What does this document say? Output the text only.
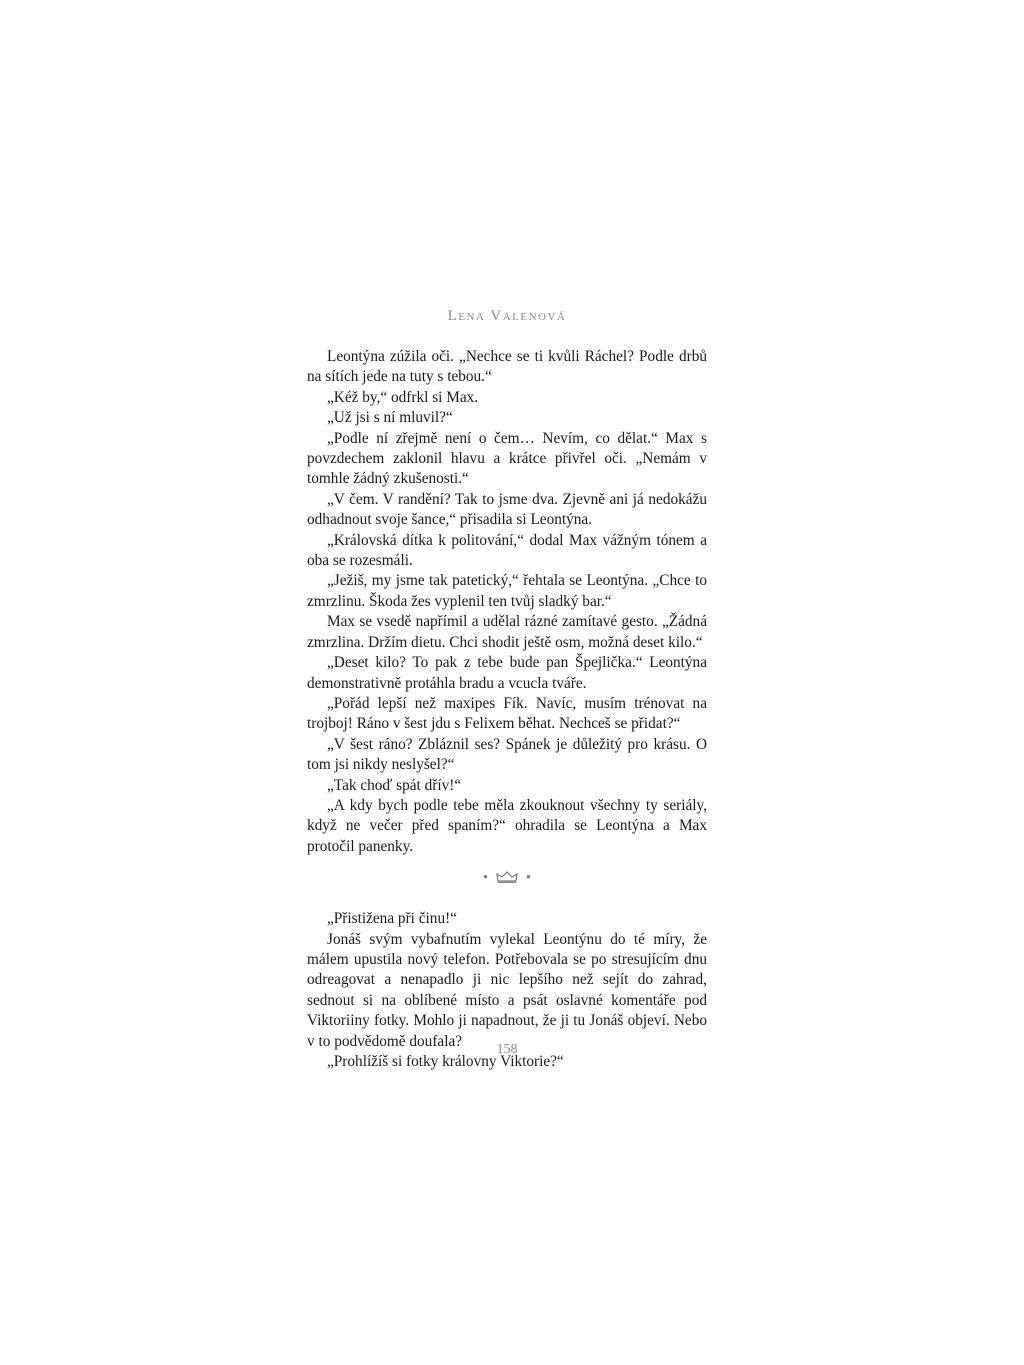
Lena Valenová

Leontýna zúžila oči. „Nechce se ti kvůli Ráchel? Podle drbů na sítích jede na tuty s tebou.“

„Kéž by,“ odfrkl si Max.

„Už jsi s ní mluvil?“

„Podle ní zřejmě není o čem… Nevím, co dělat.“ Max s povzdechem zaklonil hlavu a krátce přivřel oči. „Nemám v tomhle žádný zkušenosti.“

„V čem. V randění? Tak to jsme dva. Zjevně ani já nedokážu odhadnout svoje šance,“ přisadila si Leontýna.

„Královská dítka k politování,“ dodal Max vážným tónem a oba se rozesmáli.

„Ježiš, my jsme tak patetický,“ řehtala se Leontýna. „Chce to zmrzlinu. Škoda žes vyplenil ten tvůj sladký bar.“

Max se vsedě napřímil a udělal rázné zamítavé gesto. „Žádná zmrzlina. Držím dietu. Chci shodit ještě osm, možná deset kilo.“

„Deset kilo? To pak z tebe bude pan Špejlička.“ Leontýna demonstrativně protáhla bradu a vcucla tváře.

„Pořád lepší než maxipes Fík. Navíc, musím trénovat na trojboj! Ráno v šest jdu s Felixem běhat. Nechceš se přidat?“

„V šest ráno? Zbláznil ses? Spánek je důležitý pro krásu. O tom jsi nikdy neslyšel?“

„Tak choď spát dřív!“

„A kdy bych podle tebe měla zkouknout všechny ty seriály, když ne večer před spaním?“ ohradila se Leontýna a Max protočil panenky.

●	●

„Přistižena při činu!“

Jonáš svým vybafnutím vylekal Leontýnu do té míry, že málem upustila nový telefon. Potřebovala se po stresujícím dnu odreagovat a nenapadlo ji nic lepšího než sejít do zahrad, sednout si na oblíbené místo a psát oslavné komentáře pod Viktoriiny fotky. Mohlo ji napadnout, že ji tu Jonáš objeví. Nebo v to podvědomě doufala?

„Prohlížíš si fotky královny Viktorie?“

158
